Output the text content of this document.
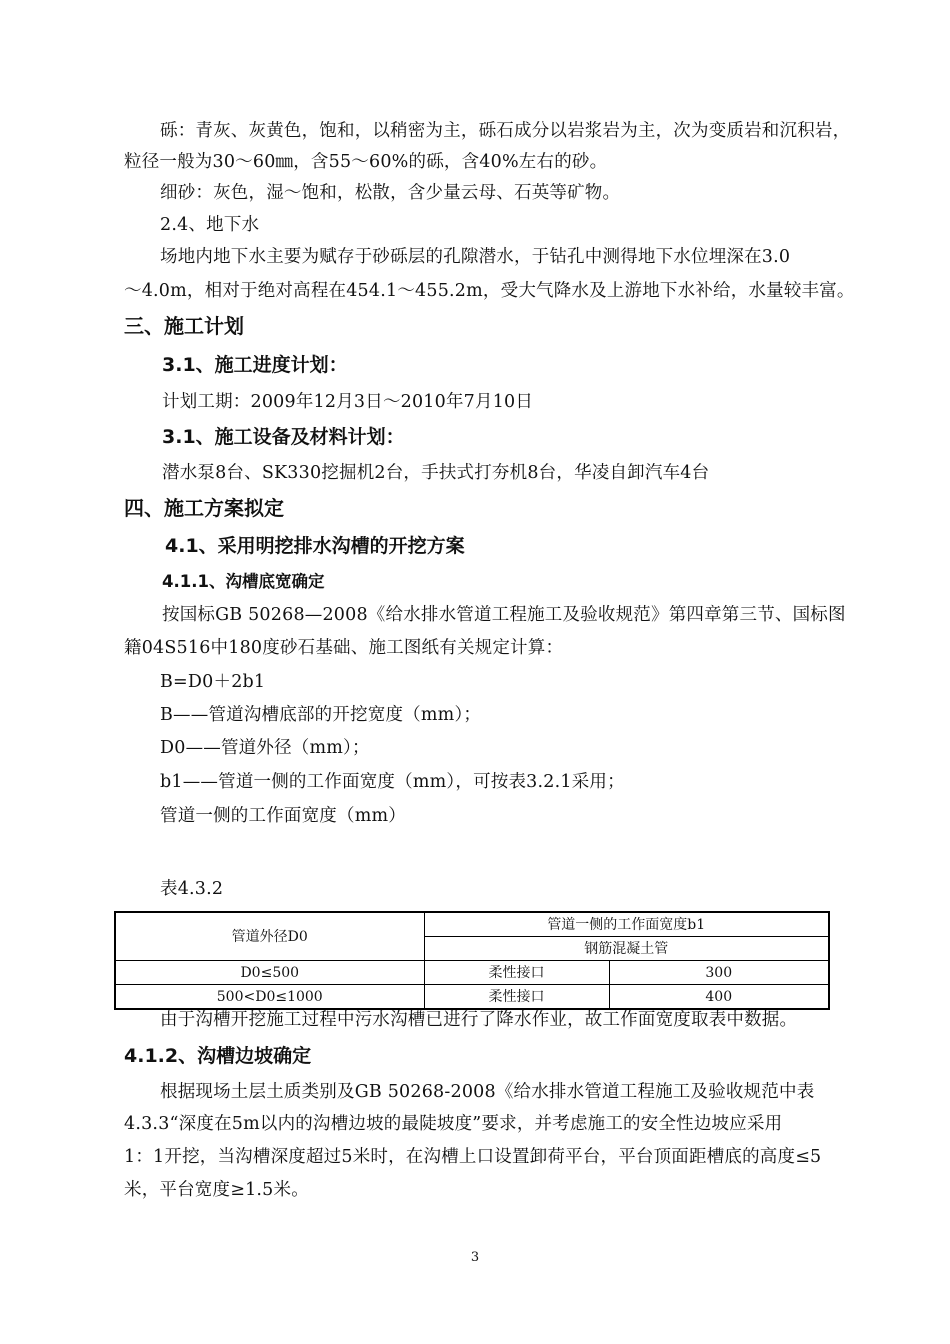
砾：青灰、灰黄色，饱和，以稍密为主，砾石成分以岩浆岩为主，次为变质岩和沉积岩，
粒径一般为30～60㎜，含55～60%的砾，含40%左右的砂。
细砂：灰色，湿～饱和，松散，含少量云母、石英等矿物。
2.4、地下水
场地内地下水主要为赋存于砂砾层的孔隙潜水，于钻孔中测得地下水位埋深在3.0
～4.0m，相对于绝对高程在454.1～455.2m，受大气降水及上游地下水补给，水量较丰富。
三、施工计划
3.1、施工进度计划：
计划工期：2009年12月3日～2010年7月10日
3.1、施工设备及材料计划：
潜水泵8台、SK330挖掘机2台，手扶式打夯机8台，华凌自卸汽车4台
四、施工方案拟定
4.1、采用明挖排水沟槽的开挖方案
4.1.1、沟槽底宽确定
按国标GB 50268—2008《给水排水管道工程施工及验收规范》第四章第三节、国标图
籍04S516中180度砂石基础、施工图纸有关规定计算：
B=D0＋2b1
B——管道沟槽底部的开挖宽度（mm）；
D0——管道外径（mm）；
b1——管道一侧的工作面宽度（mm），可按表3.2.1采用；
管道一侧的工作面宽度（mm）
表4.3.2
管道外径D0	管道一侧的工作面宽度b1	
	钢筋混凝土管	
D0≤500	柔性接口	300
500<D0≤1000	柔性接口	400
由于沟槽开挖施工过程中污水沟槽已进行了降水作业，故工作面宽度取表中数据。
4.1.2、沟槽边坡确定
根据现场土层土质类别及GB 50268-2008《给水排水管道工程施工及验收规范中表
4.3.3“深度在5m以内的沟槽边坡的最陡坡度”要求，并考虑施工的安全性边坡应采用
1：1开挖，当沟槽深度超过5米时，在沟槽上口设置卸荷平台，平台顶面距槽底的高度≤5
米，平台宽度≥1.5米。
3
